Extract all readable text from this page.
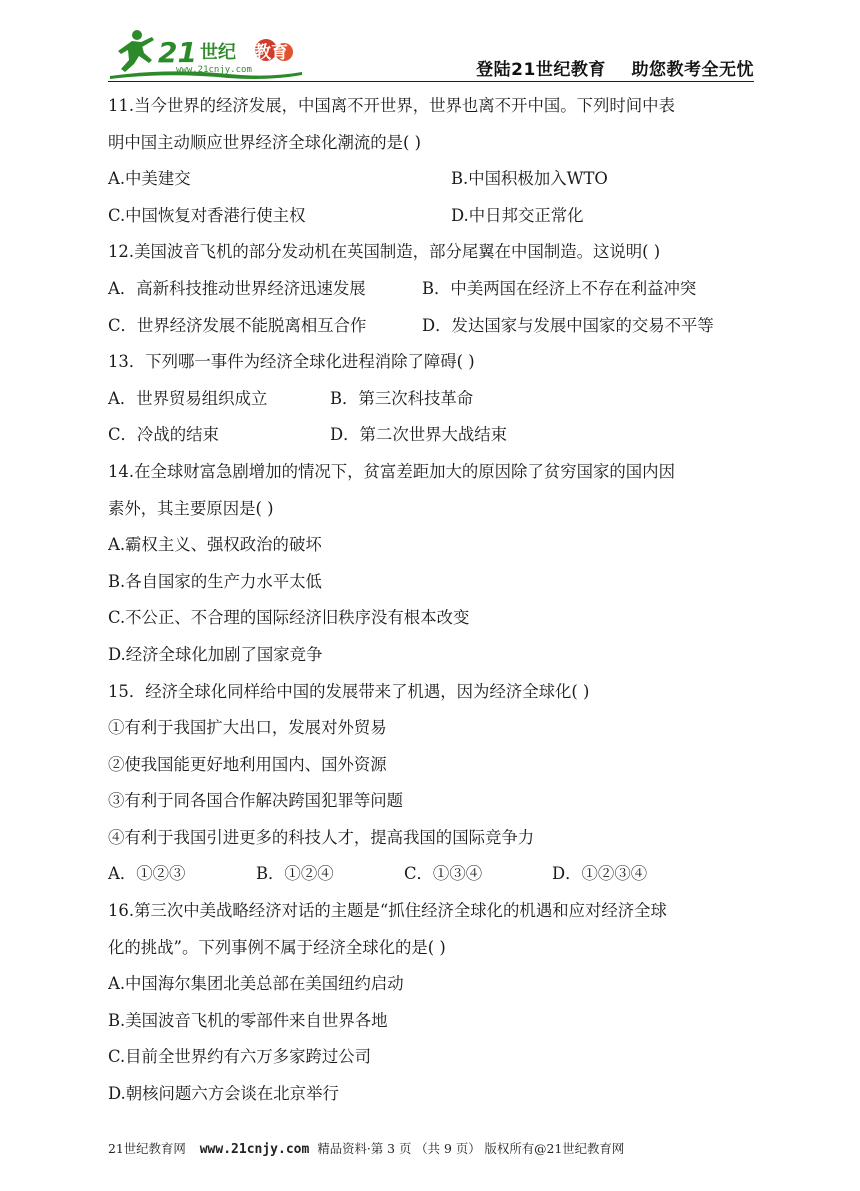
21 世纪 教育
www.21cnjy.com	登陆21世纪教育    助您教考全无忧
11.当今世界的经济发展，中国离不开世界，世界也离不开中国。下列时间中表
明中国主动顺应世界经济全球化潮流的是( )
A.中美建交	B.中国积极加入WTO
C.中国恢复对香港行使主权	D.中日邦交正常化
12.美国波音飞机的部分发动机在英国制造，部分尾翼在中国制造。这说明( )
A．高新科技推动世界经济迅速发展	B．中美两国在经济上不存在利益冲突
C．世界经济发展不能脱离相互合作	D．发达国家与发展中国家的交易不平等
13．下列哪一事件为经济全球化进程消除了障碍( )
A．世界贸易组织成立	B．第三次科技革命
C．冷战的结束	D．第二次世界大战结束
14.在全球财富急剧增加的情况下，贫富差距加大的原因除了贫穷国家的国内因
素外，其主要原因是( )
A.霸权主义、强权政治的破坏
B.各自国家的生产力水平太低
C.不公正、不合理的国际经济旧秩序没有根本改变
D.经济全球化加剧了国家竞争
15．经济全球化同样给中国的发展带来了机遇，因为经济全球化( )
①有利于我国扩大出口，发展对外贸易
②使我国能更好地利用国内、国外资源
③有利于同各国合作解决跨国犯罪等问题
④有利于我国引进更多的科技人才，提高我国的国际竞争力
A．①②③	B．①②④	C．①③④	D．①②③④
16.第三次中美战略经济对话的主题是“抓住经济全球化的机遇和应对经济全球
化的挑战”。下列事例不属于经济全球化的是( )
A.中国海尔集团北美总部在美国纽约启动
B.美国波音飞机的零部件来自世界各地
C.目前全世界约有六万多家跨过公司
D.朝核问题六方会谈在北京举行
21世纪教育网 www.21cnjy.com 精品资料·第 3 页 （共 9 页） 版权所有@21世纪教育网
